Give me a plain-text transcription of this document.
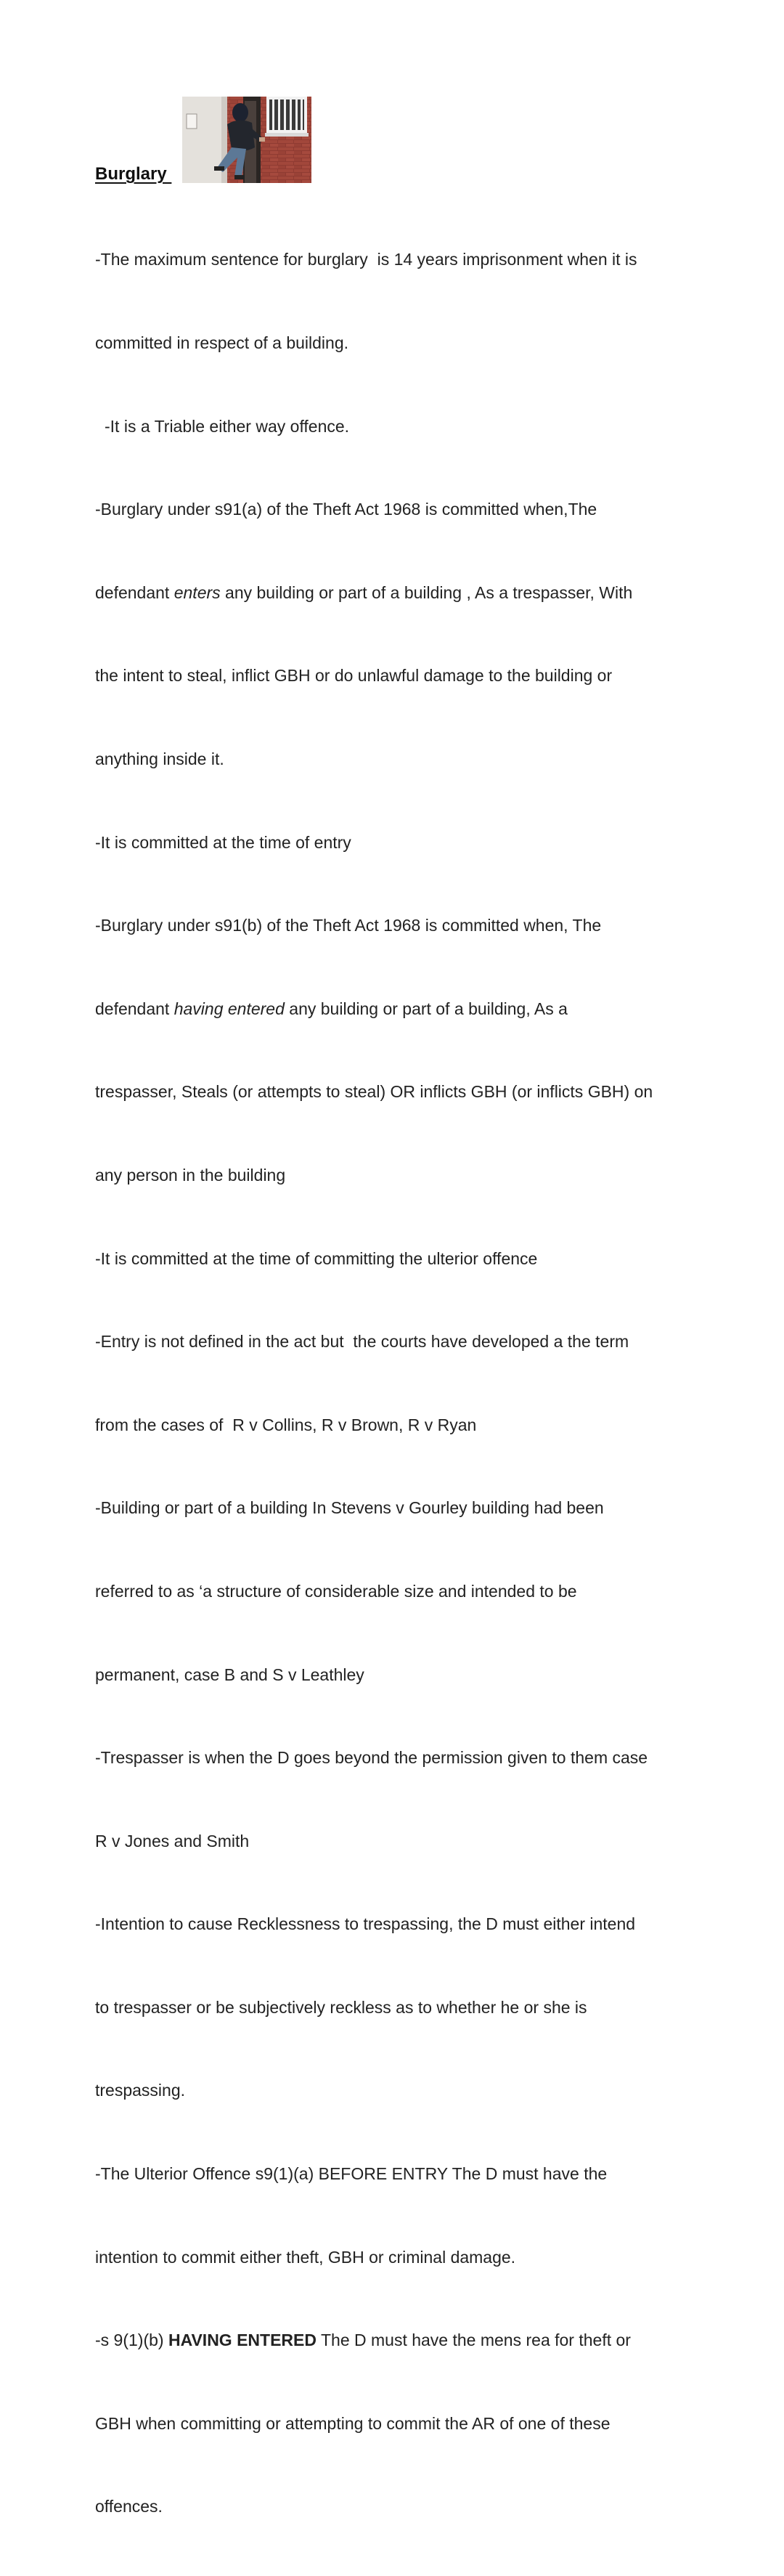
Burglary

-The maximum sentence for burglary  is 14 years imprisonment when it is

committed in respect of a building.

-It is a Triable either way offence.

-Burglary under s91(a) of the Theft Act 1968 is committed when,The

defendant enters any building or part of a building , As a trespasser, With

the intent to steal, inflict GBH or do unlawful damage to the building or

anything inside it.

-It is committed at the time of entry

-Burglary under s91(b) of the Theft Act 1968 is committed when, The

defendant having entered any building or part of a building, As a

trespasser, Steals (or attempts to steal) OR inflicts GBH (or inflicts GBH) on

any person in the building

-It is committed at the time of committing the ulterior offence

-Entry is not defined in the act but  the courts have developed a the term

from the cases of  R v Collins, R v Brown, R v Ryan

-Building or part of a building In Stevens v Gourley building had been

referred to as ‘a structure of considerable size and intended to be

permanent, case B and S v Leathley

-Trespasser is when the D goes beyond the permission given to them case

R v Jones and Smith

-Intention to cause Recklessness to trespassing, the D must either intend

to trespasser or be subjectively reckless as to whether he or she is

trespassing.

-The Ulterior Offence s9(1)(a) BEFORE ENTRY The D must have the

intention to commit either theft, GBH or criminal damage.

-s 9(1)(b) HAVING ENTERED The D must have the mens rea for theft or

GBH when committing or attempting to commit the AR of one of these

offences.
